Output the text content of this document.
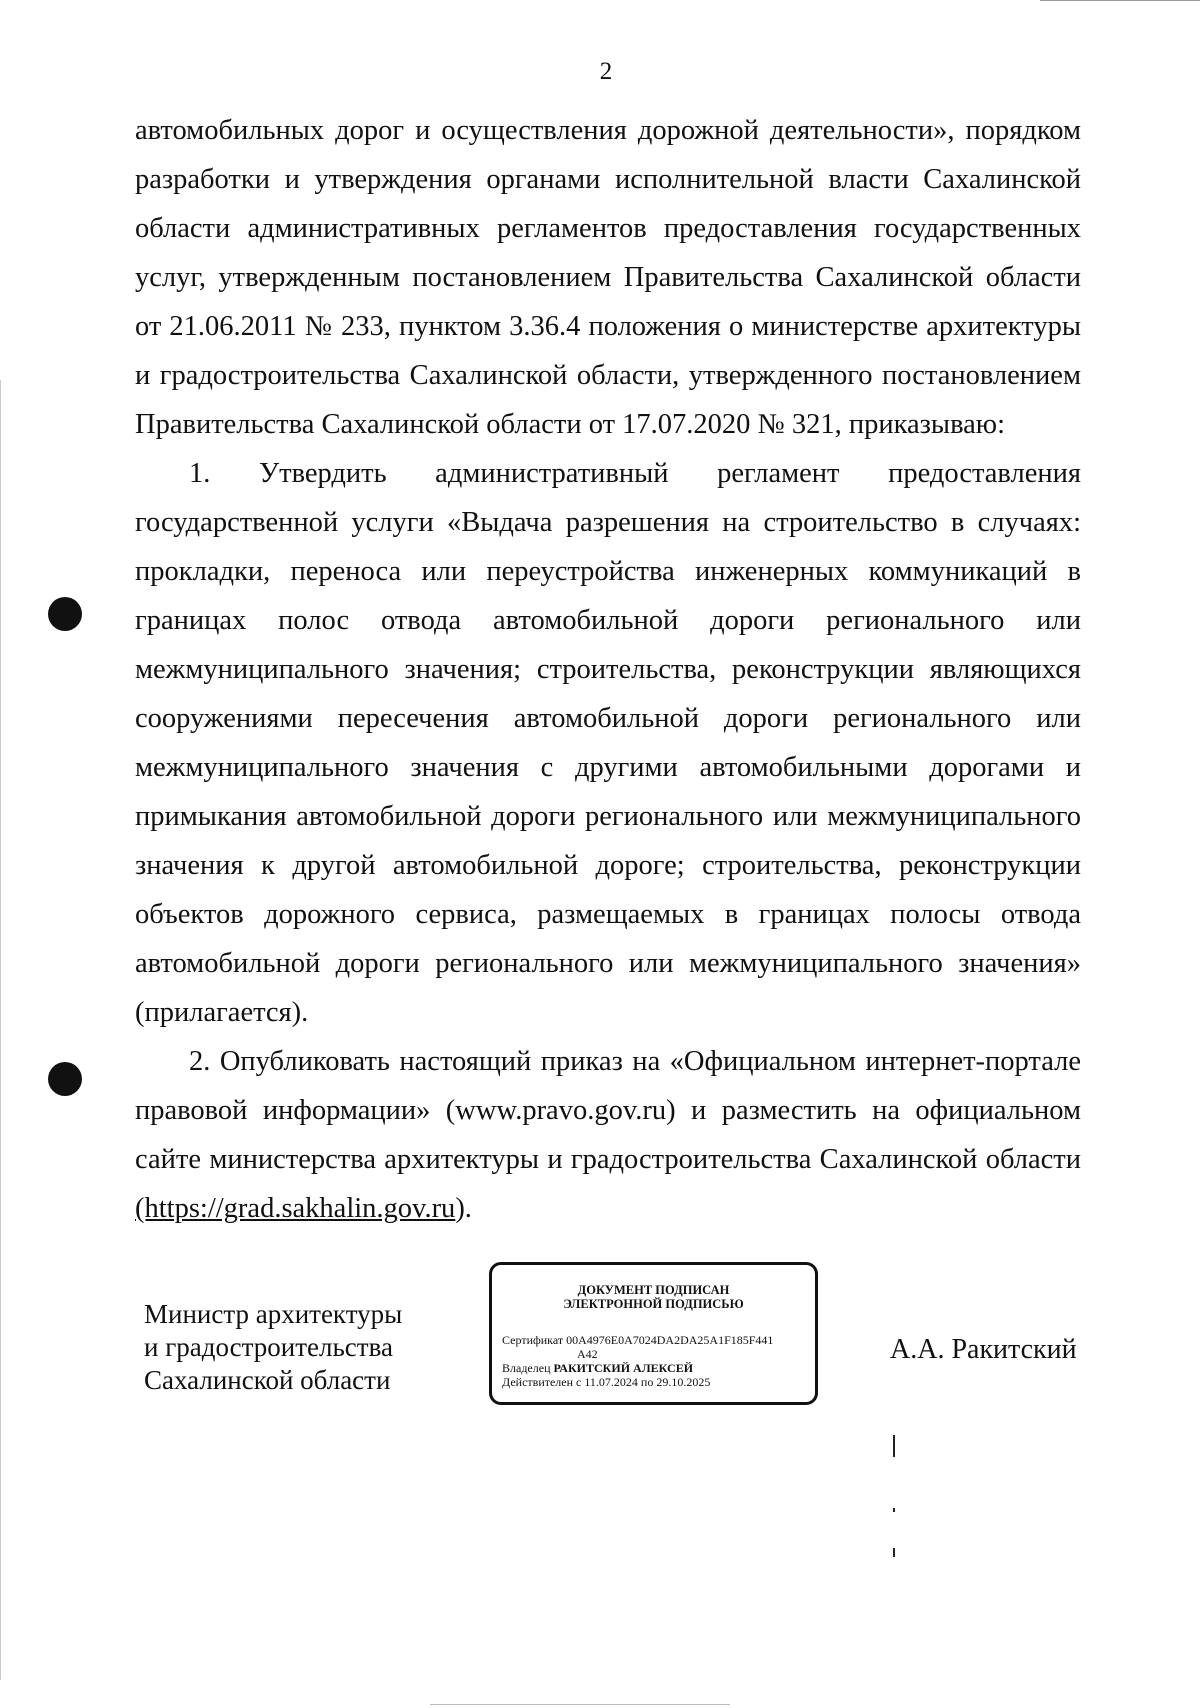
2

автомобильных дорог и осуществления дорожной деятельности», порядком разработки и утверждения органами исполнительной власти Сахалинской области административных регламентов предоставления государственных услуг, утвержденным постановлением Правительства Сахалинской области от 21.06.2011 № 233, пунктом 3.36.4 положения о министерстве архитектуры и градостроительства Сахалинской области, утвержденного постановлением Правительства Сахалинской области от 17.07.2020 № 321, приказываю:

1. Утвердить административный регламент предоставления государственной услуги «Выдача разрешения на строительство в случаях: прокладки, переноса или переустройства инженерных коммуникаций в границах полос отвода автомобильной дороги регионального или межмуниципального значения; строительства, реконструкции являющихся сооружениями пересечения автомобильной дороги регионального или межмуниципального значения с другими автомобильными дорогами и примыкания автомобильной дороги регионального или межмуниципального значения к другой автомобильной дороге; строительства, реконструкции объектов дорожного сервиса, размещаемых в границах полосы отвода автомобильной дороги регионального или межмуниципального значения» (прилагается).

2. Опубликовать настоящий приказ на «Официальном интернет-портале правовой информации» (www.pravo.gov.ru) и разместить на официальном сайте министерства архитектуры и градостроительства Сахалинской области (https://grad.sakhalin.gov.ru).

Министр архитектуры
и градостроительства
Сахалинской области
ДОКУМЕНТ ПОДПИСАН
ЭЛЕКТРОННОЙ ПОДПИСЬЮ
Сертификат 00A4976E0A7024DA2DA25A1F185F441
A42
Владелец РАКИТСКИЙ АЛЕКСЕЙ
Действителен с 11.07.2024 по 29.10.2025
А.А. Ракитский
